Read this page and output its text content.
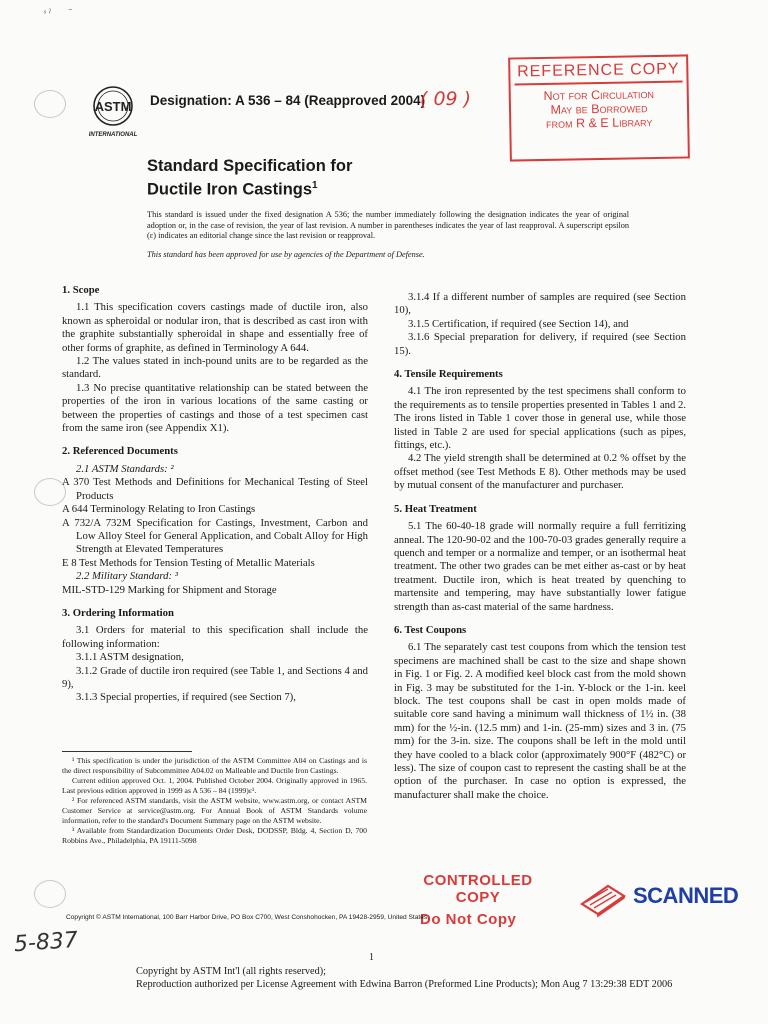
ˢ ˀ       ˜
ASTM
INTERNATIONAL
Designation: A 536 – 84 (Reapproved 2004)
( 09 )
REFERENCE COPY
Not for Circulation
May be Borrowed
from R & E Library
Standard Specification for
Ductile Iron Castings$^1$
This standard is issued under the fixed designation A 536; the number immediately following the designation indicates the year of original adoption or, in the case of revision, the year of last revision. A number in parentheses indicates the year of last reapproval. A superscript epsilon (ε) indicates an editorial change since the last revision or reapproval.
This standard has been approved for use by agencies of the Department of Defense.
1. Scope

1.1 This specification covers castings made of ductile iron, also known as spheroidal or nodular iron, that is described as cast iron with the graphite substantially spheroidal in shape and essentially free of other forms of graphite, as defined in Terminology A 644.

1.2 The values stated in inch-pound units are to be regarded as the standard.

1.3 No precise quantitative relationship can be stated between the properties of the iron in various locations of the same casting or between the properties of castings and those of a test specimen cast from the same iron (see Appendix X1).

2. Referenced Documents

2.1 ASTM Standards: ²

A 370 Test Methods and Definitions for Mechanical Testing of Steel Products

A 644 Terminology Relating to Iron Castings

A 732/A 732M Specification for Castings, Investment, Carbon and Low Alloy Steel for General Application, and Cobalt Alloy for High Strength at Elevated Temperatures

E 8 Test Methods for Tension Testing of Metallic Materials

2.2 Military Standard: ³

MIL-STD-129 Marking for Shipment and Storage

3. Ordering Information

3.1 Orders for material to this specification shall include the following information:

3.1.1 ASTM designation,

3.1.2 Grade of ductile iron required (see Table 1, and Sections 4 and 9),

3.1.3 Special properties, if required (see Section 7),

3.1.4 If a different number of samples are required (see Section 10),

3.1.5 Certification, if required (see Section 14), and

3.1.6 Special preparation for delivery, if required (see Section 15).

4. Tensile Requirements

4.1 The iron represented by the test specimens shall conform to the requirements as to tensile properties presented in Tables 1 and 2. The irons listed in Table 1 cover those in general use, while those listed in Table 2 are used for special applications (such as pipes, fittings, etc.).

4.2 The yield strength shall be determined at 0.2 % offset by the offset method (see Test Methods E 8). Other methods may be used by mutual consent of the manufacturer and purchaser.

5. Heat Treatment

5.1 The 60-40-18 grade will normally require a full ferritizing anneal. The 120-90-02 and the 100-70-03 grades generally require a quench and temper or a normalize and temper, or an isothermal heat treatment. The other two grades can be met either as-cast or by heat treatment. Ductile iron, which is heat treated by quenching to martensite and tempering, may have substantially lower fatigue strength than as-cast material of the same hardness.

6. Test Coupons

6.1 The separately cast test coupons from which the tension test specimens are machined shall be cast to the size and shape shown in Fig. 1 or Fig. 2. A modified keel block cast from the mold shown in Fig. 3 may be substituted for the 1-in. Y-block or the 1-in. keel block. The test coupons shall be cast in open molds made of suitable core sand having a minimum wall thickness of 1½ in. (38 mm) for the ½-in. (12.5 mm) and 1-in. (25-mm) sizes and 3 in. (75 mm) for the 3-in. size. The coupons shall be left in the mold until they have cooled to a black color (approximately 900°F (482°C) or less). The size of coupon cast to represent the casting shall be at the option of the purchaser. In case no option is expressed, the manufacturer shall make the choice.

¹ This specification is under the jurisdiction of the ASTM Committee A04 on Castings and is the direct responsibility of Subcommittee A04.02 on Malleable and Ductile Iron Castings.

Current edition approved Oct. 1, 2004. Published October 2004. Originally approved in 1965. Last previous edition approved in 1999 as A 536 – 84 (1999)ε¹.

² For referenced ASTM standards, visit the ASTM website, www.astm.org, or contact ASTM Customer Service at service@astm.org. For Annual Book of ASTM Standards volume information, refer to the standard's Document Summary page on the ASTM website.

³ Available from Standardization Documents Order Desk, DODSSP, Bldg. 4, Section D, 700 Robbins Ave., Philadelphia, PA 19111-5098

CONTROLLED
COPY
Do Not Copy
SCANNED
Copyright © ASTM International, 100 Barr Harbor Drive, PO Box C700, West Conshohocken, PA 19428-2959, United States.
5-837
1
Copyright by ASTM Int'l (all rights reserved);
Reproduction authorized per License Agreement with Edwina Barron (Preformed Line Products); Mon Aug 7 13:29:38 EDT 2006
